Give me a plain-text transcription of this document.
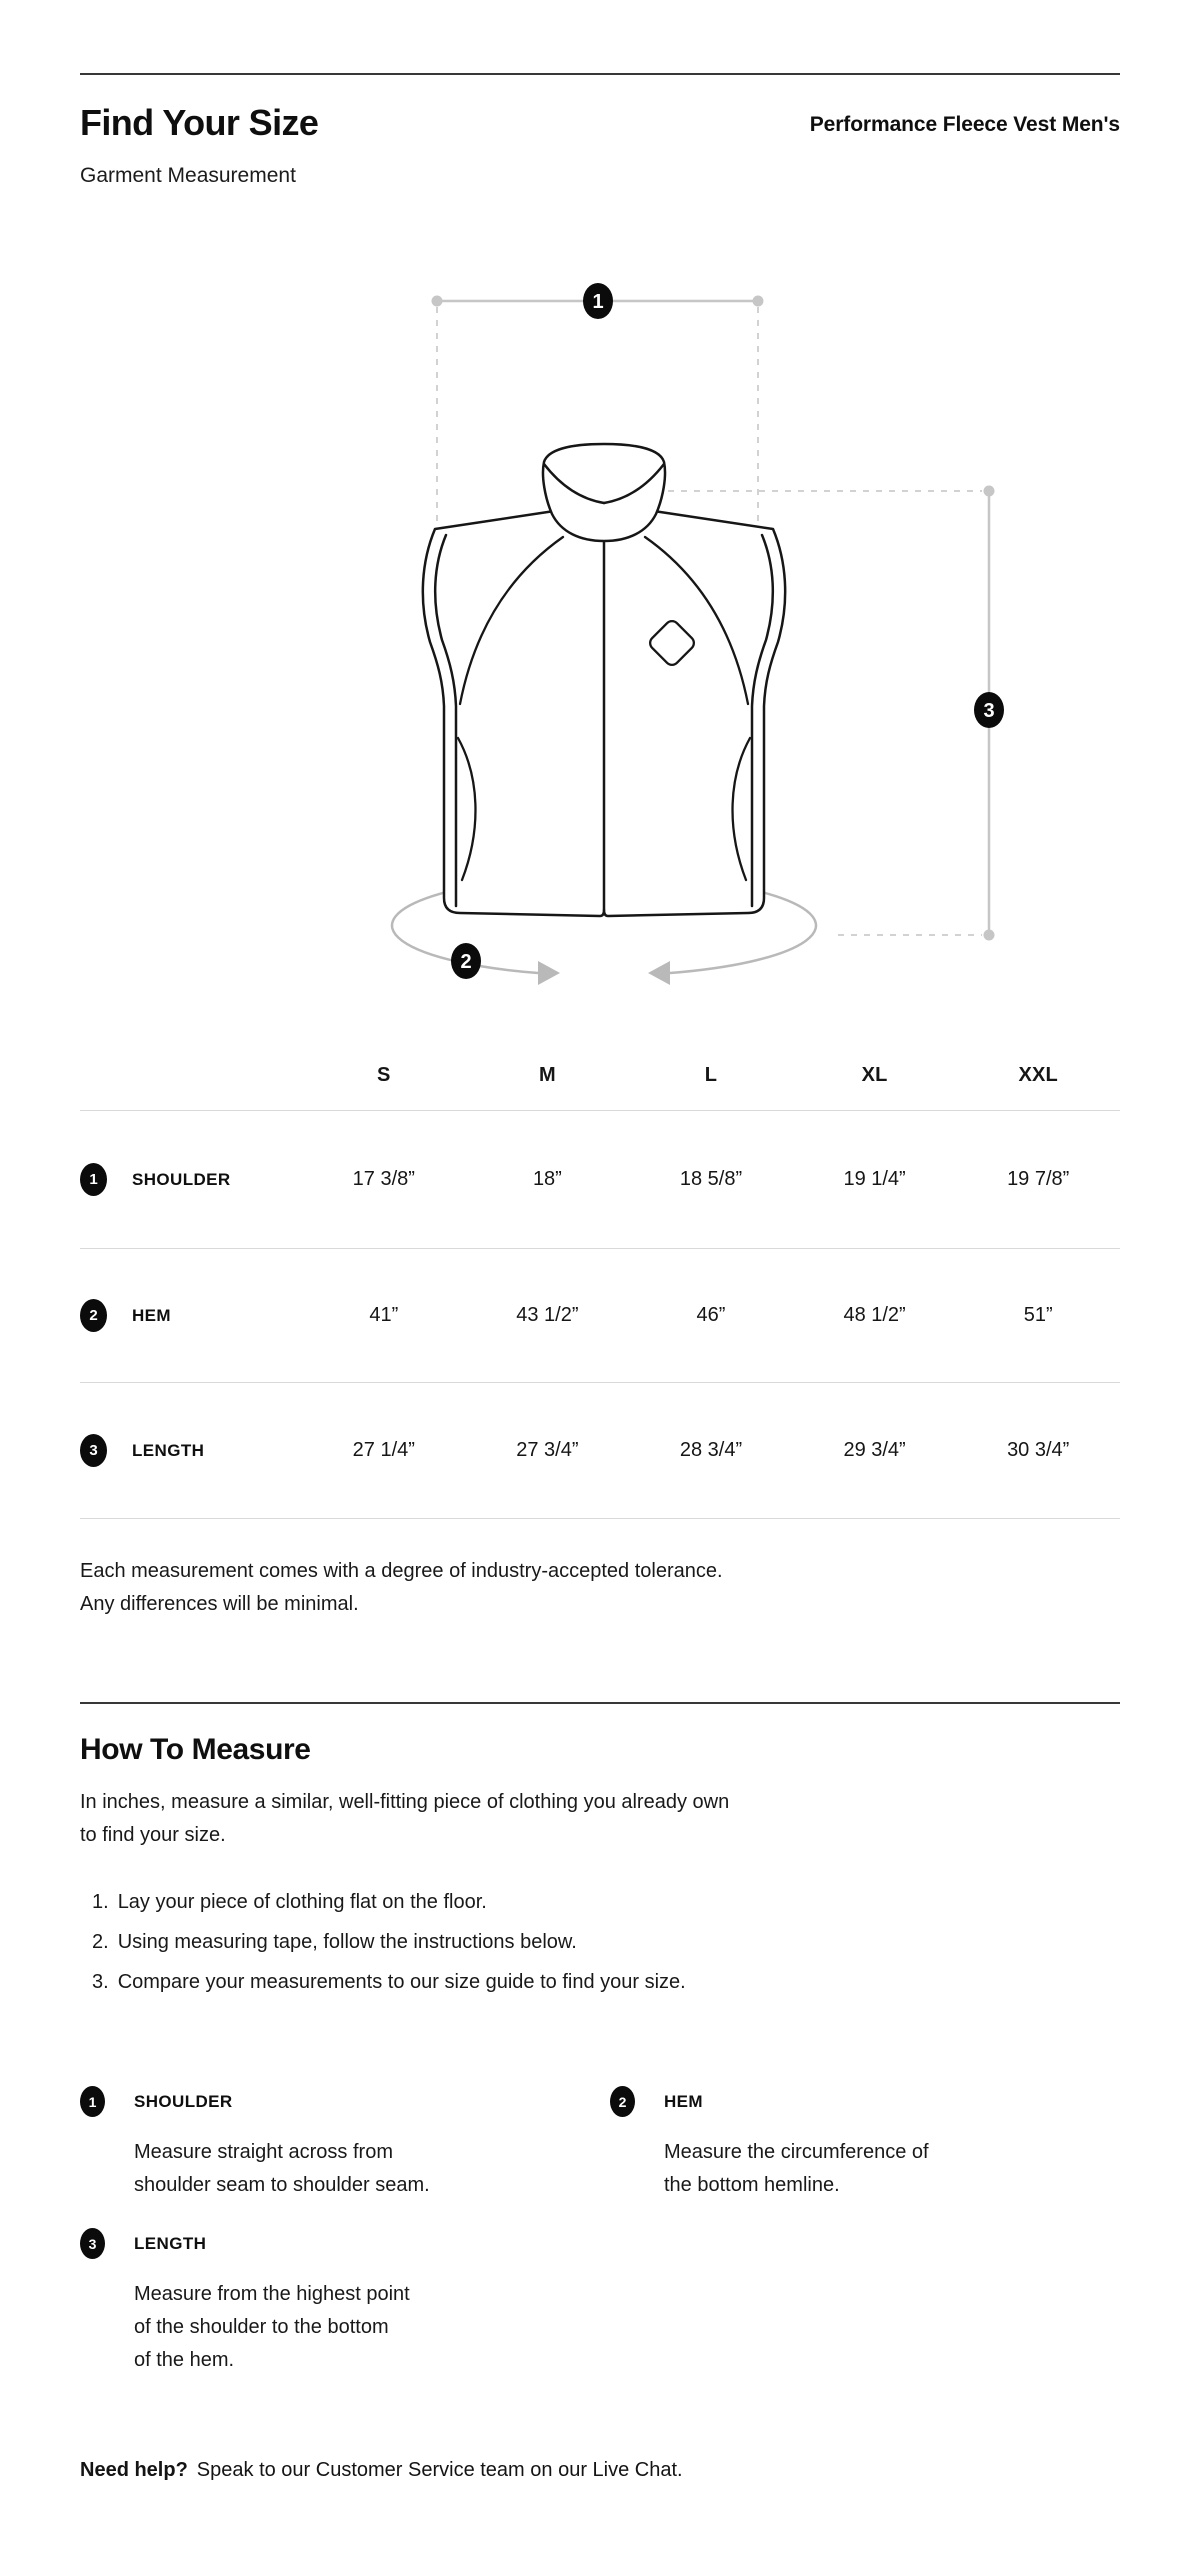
Find Your Size	Performance Fleece Vest Men's
Garment Measurement
1
2
3
S	M	L	XL	XXL
1	SHOULDER	17 3/8”	18”	18 5/8”	19 1/4”	19 7/8”
2	HEM	41”	43 1/2”	46”	48 1/2”	51”
3	LENGTH	27 1/4”	27 3/4”	28 3/4”	29 3/4”	30 3/4”
Each measurement comes with a degree of industry-accepted tolerance.
Any differences will be minimal.
How To Measure
In inches, measure a similar, well-fitting piece of clothing you already own
to find your size.
1. Lay your piece of clothing flat on the floor.
2. Using measuring tape, follow the instructions below.
3. Compare your measurements to our size guide to find your size.
1	SHOULDER
Measure straight across from
shoulder seam to shoulder seam.
2	HEM
Measure the circumference of
the bottom hemline.
3	LENGTH
Measure from the highest point
of the shoulder to the bottom
of the hem.
Need help? Speak to our Customer Service team on our Live Chat.
